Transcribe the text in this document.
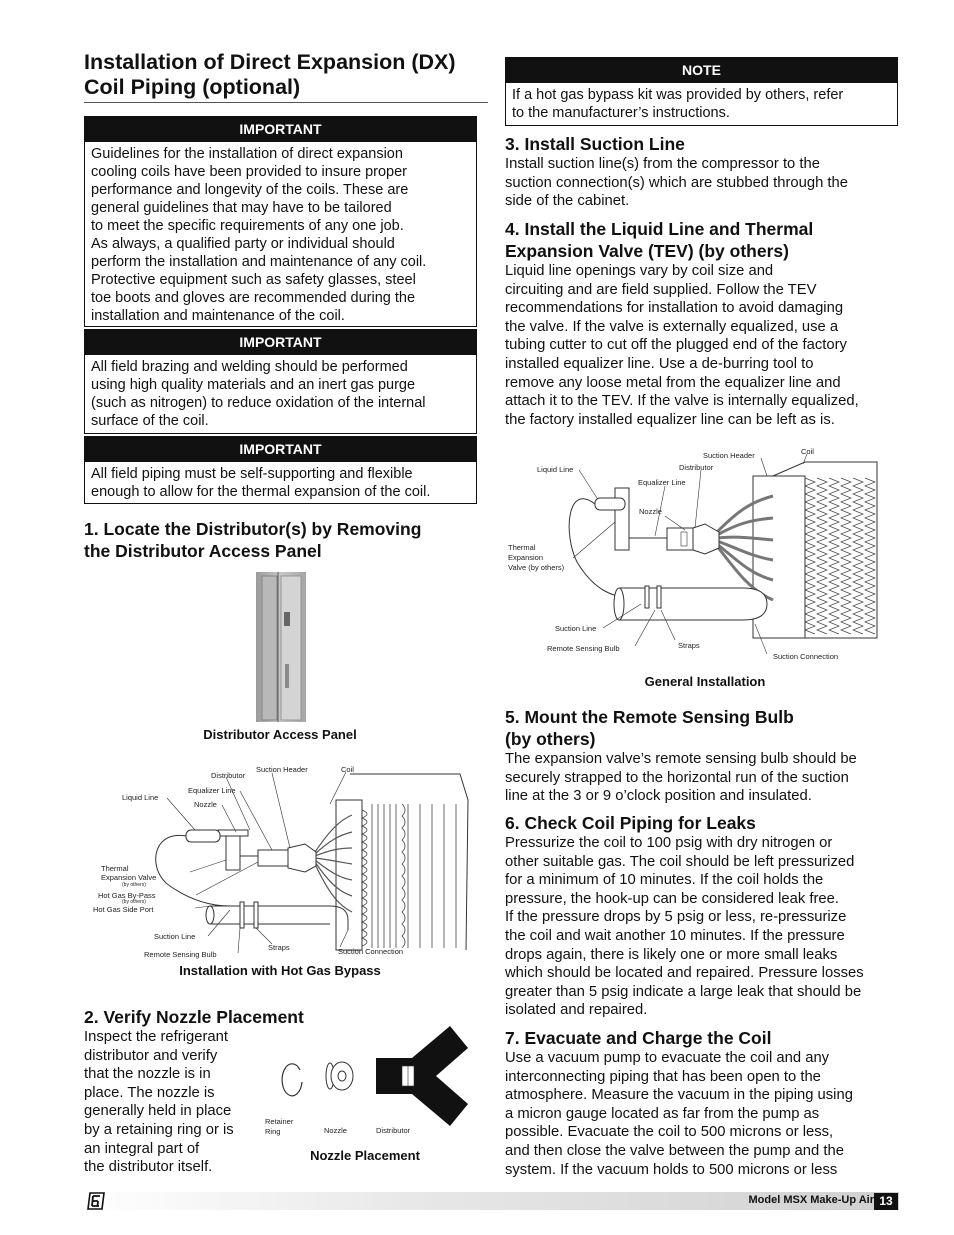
Installation of Direct Expansion (DX)
Coil Piping (optional)
IMPORTANT
Guidelines for the installation of direct expansion
cooling coils have been provided to insure proper
performance and longevity of the coils. These are
general guidelines that may have to be tailored
to meet the specific requirements of any one job.
As always, a qualified party or individual should
perform the installation and maintenance of any coil.
Protective equipment such as safety glasses, steel
toe boots and gloves are recommended during the
installation and maintenance of the coil.
IMPORTANT
All field brazing and welding should be performed
using high quality materials and an inert gas purge
(such as nitrogen) to reduce oxidation of the internal
surface of the coil.
IMPORTANT
All field piping must be self-supporting and flexible
enough to allow for the thermal expansion of the coil.
1. Locate the Distributor(s) by Removing
the Distributor Access Panel
Distributor Access Panel
Liquid Line
Distributor
Suction Header	Coil
Equalizer Line
Nozzle
Thermal
Expansion Valve
(by others)
Hot Gas By-Pass
(by others)
Hot Gas Side Port
Suction Line
Straps
Remote Sensing Bulb	Suction Connection
Installation with Hot Gas Bypass
2. Verify Nozzle Placement
Inspect the refrigerant
distributor and verify
that the nozzle is in
place. The nozzle is
generally held in place
by a retaining ring or is
an integral part of
the distributor itself.
Retainer
Ring	Nozzle	Distributor
Nozzle Placement
NOTE
If a hot gas bypass kit was provided by others, refer
to the manufacturer’s instructions.
3. Install Suction Line
Install suction line(s) from the compressor to the
suction connection(s) which are stubbed through the
side of the cabinet.
4. Install the Liquid Line and Thermal
Expansion Valve (TEV) (by others)
Liquid line openings vary by coil size and
circuiting and are field supplied. Follow the TEV
recommendations for installation to avoid damaging
the valve. If the valve is externally equalized, use a
tubing cutter to cut off the plugged end of the factory
installed equalizer line. Use a de-burring tool to
remove any loose metal from the equalizer line and
attach it to the TEV. If the valve is internally equalized,
the factory installed equalizer line can be left as is.
Suction Header	Coil
Liquid Line	Distributor
Equalizer Line
Nozzle
Thermal
Expansion
Valve (by others)
Suction Line
Straps
Remote Sensing Bulb
Suction Connection
General Installation
5. Mount the Remote Sensing Bulb
(by others)
The expansion valve’s remote sensing bulb should be
securely strapped to the horizontal run of the suction
line at the 3 or 9 o’clock position and insulated.
6. Check Coil Piping for Leaks
Pressurize the coil to 100 psig with dry nitrogen or
other suitable gas. The coil should be left pressurized
for a minimum of 10 minutes. If the coil holds the
pressure, the hook-up can be considered leak free.
If the pressure drops by 5 psig or less, re-pressurize
the coil and wait another 10 minutes. If the pressure
drops again, there is likely one or more small leaks
which should be located and repaired. Pressure losses
greater than 5 psig indicate a large leak that should be
isolated and repaired.
7. Evacuate and Charge the Coil
Use a vacuum pump to evacuate the coil and any
interconnecting piping that has been open to the
atmosphere. Measure the vacuum in the piping using
a micron gauge located as far from the pump as
possible. Evacuate the coil to 500 microns or less,
and then close the valve between the pump and the
system. If the vacuum holds to 500 microns or less
Model MSX Make-Up Air 13
